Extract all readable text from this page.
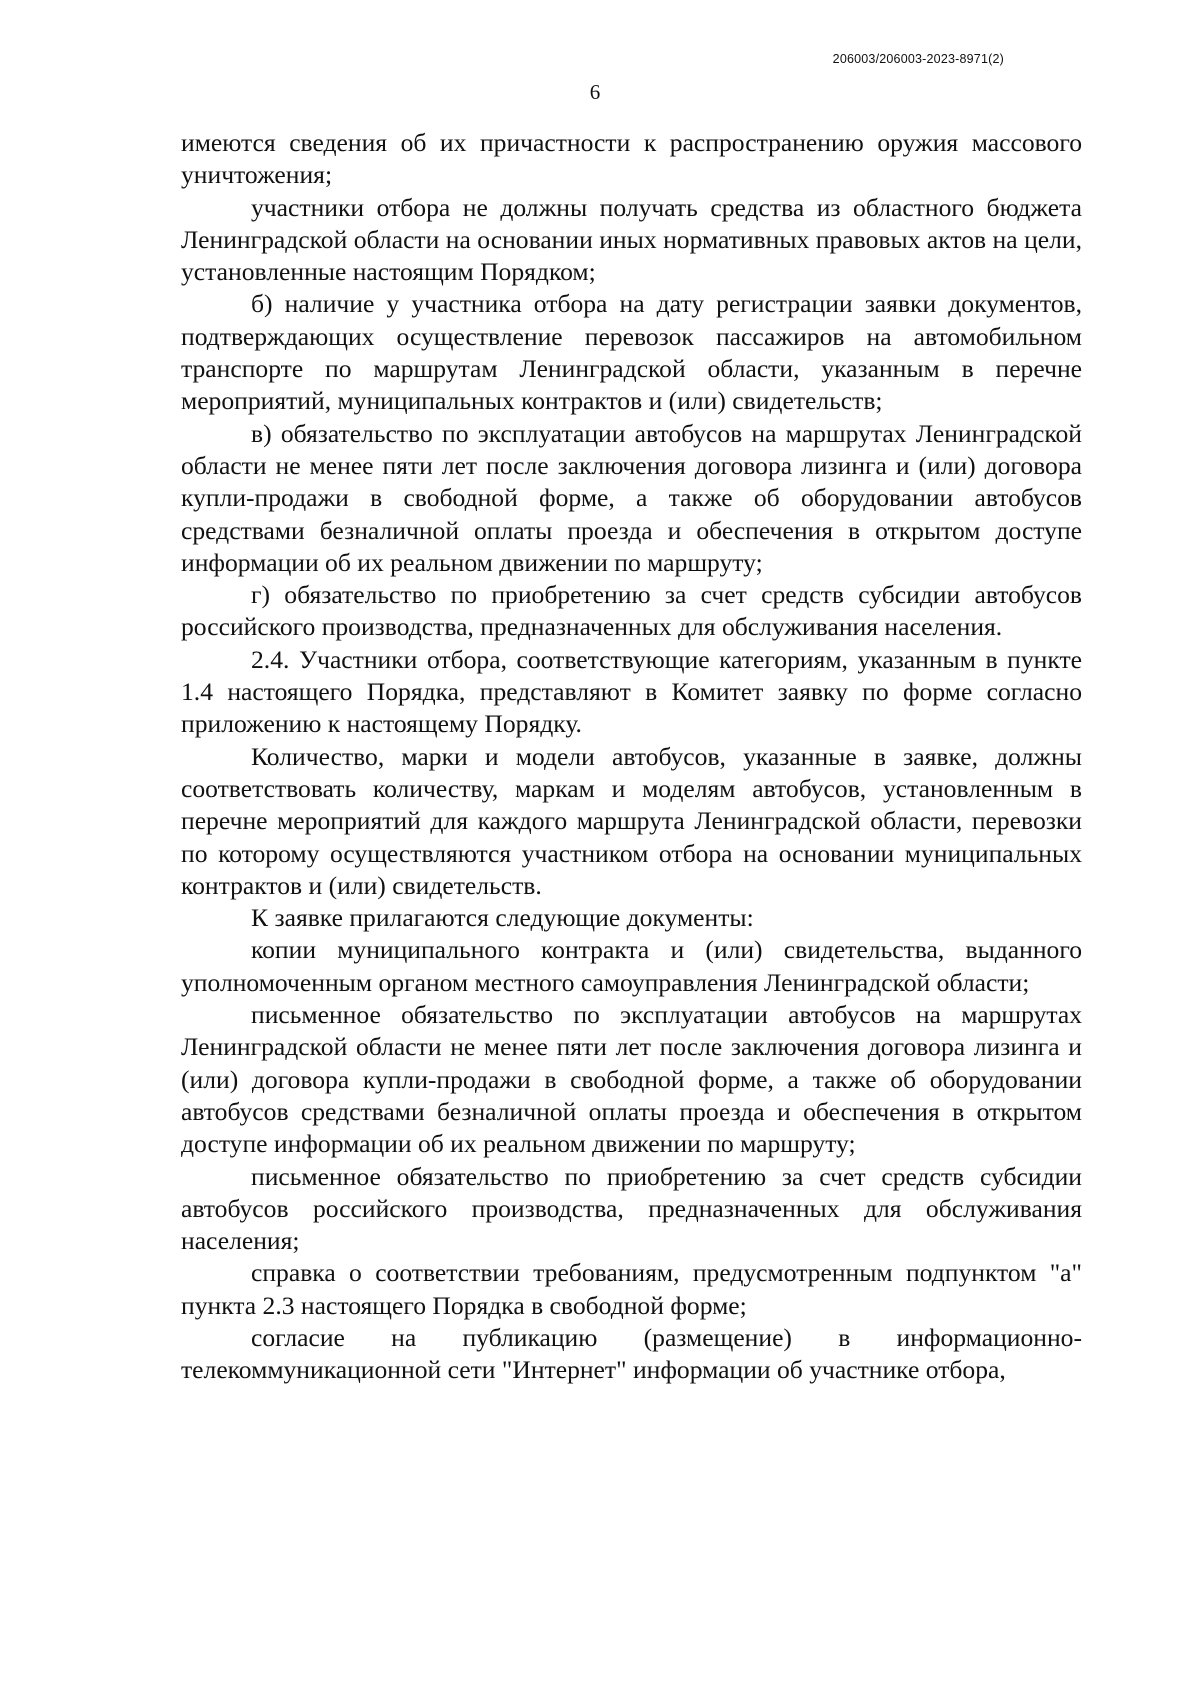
206003/206003-2023-8971(2)
6

имеются сведения об их причастности к распространению оружия массового уничтожения;

участники отбора не должны получать средства из областного бюджета Ленинградской области на основании иных нормативных правовых актов на цели, установленные настоящим Порядком;

б) наличие у участника отбора на дату регистрации заявки документов, подтверждающих осуществление перевозок пассажиров на автомобильном транспорте по маршрутам Ленинградской области, указанным в перечне мероприятий, муниципальных контрактов и (или) свидетельств;

в) обязательство по эксплуатации автобусов на маршрутах Ленинградской области не менее пяти лет после заключения договора лизинга и (или) договора купли-продажи в свободной форме, а также об оборудовании автобусов средствами безналичной оплаты проезда и обеспечения в открытом доступе информации об их реальном движении по маршруту;

г) обязательство по приобретению за счет средств субсидии автобусов российского производства, предназначенных для обслуживания населения.

2.4. Участники отбора, соответствующие категориям, указанным в пункте 1.4 настоящего Порядка, представляют в Комитет заявку по форме согласно приложению к настоящему Порядку.

Количество, марки и модели автобусов, указанные в заявке, должны соответствовать количеству, маркам и моделям автобусов, установленным в перечне мероприятий для каждого маршрута Ленинградской области, перевозки по которому осуществляются участником отбора на основании муниципальных контрактов и (или) свидетельств.

К заявке прилагаются следующие документы:

копии муниципального контракта и (или) свидетельства, выданного уполномоченным органом местного самоуправления Ленинградской области;

письменное обязательство по эксплуатации автобусов на маршрутах Ленинградской области не менее пяти лет после заключения договора лизинга и (или) договора купли-продажи в свободной форме, а также об оборудовании автобусов средствами безналичной оплаты проезда и обеспечения в открытом доступе информации об их реальном движении по маршруту;

письменное обязательство по приобретению за счет средств субсидии автобусов российского производства, предназначенных для обслуживания населения;

справка о соответствии требованиям, предусмотренным подпунктом "а" пункта 2.3 настоящего Порядка в свободной форме;

согласие на публикацию (размещение) в информационно-телекоммуникационной сети "Интернет" информации об участнике отбора,
